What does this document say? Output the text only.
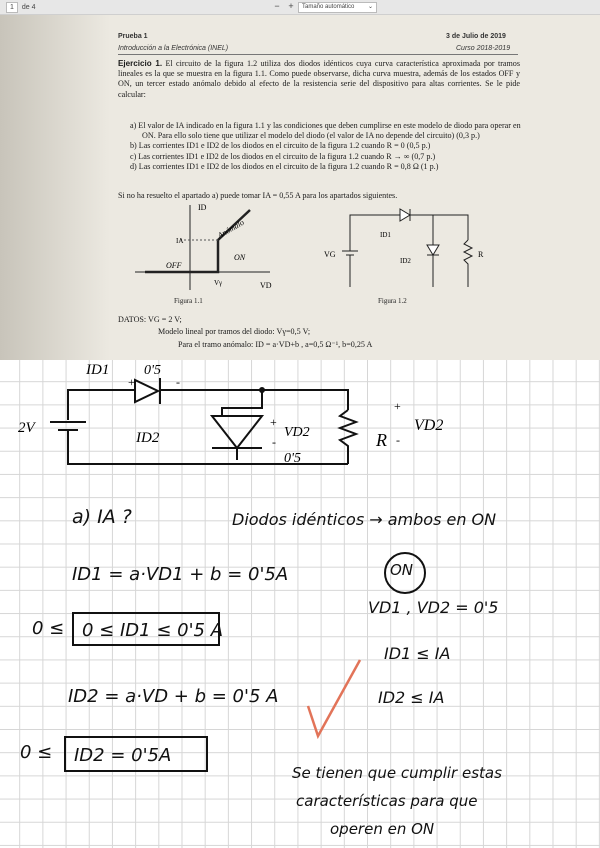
1	de 4	− +	Tamaño automático ⌄
Prueba 1	3 de Julio de 2019
Introducción a la Electrónica (INEL)	Curso 2018-2019
Ejercicio 1. El circuito de la figura 1.2 utiliza dos diodos idénticos cuya curva característica aproximada por tramos lineales es la que se muestra en la figura 1.1. Como puede observarse, dicha curva muestra, además de los estados OFF y ON, un tercer estado anómalo debido al efecto de la resistencia serie del dispositivo para altas corrientes. Se le pide calcular:
a) El valor de IA indicado en la figura 1.1 y las condiciones que deben cumplirse en este modelo de diodo para operar en ON. Para ello solo tiene que utilizar el modelo del diodo (el valor de IA no depende del circuito) (0,3 p.)
b) Las corrientes ID1 e ID2 de los diodos en el circuito de la figura 1.2 cuando R = 0 (0,5 p.)
c) Las corrientes ID1 e ID2 de los diodos en el circuito de la figura 1.2 cuando R → ∞ (0,7 p.)
d) Las corrientes ID1 e ID2 de los diodos en el circuito de la figura 1.2 cuando R = 0,8 Ω (1 p.)
Si no ha resuelto el apartado a) puede tomar IA = 0,55 A para los apartados siguientes.
ID
VD
IA
OFF
ON
Anómalo
Vγ
Figura 1.1
VG
ID1
ID2
R
Figura 1.2
DATOS: VG = 2 V;
Modelo lineal por tramos del diodo: Vγ=0,5 V;
Para el tramo anómalo: ID = a·VD+b , a=0,5 Ω⁻¹, b=0,25 A
ID1 0'5
+	-
2V
ID2
+
VD2
-
0'5
R
+
-
VD2
a) IA ?	Diodos idénticos → ambos en ON
ID1 = a·VD1 + b = 0'5A	ON
VD1 , VD2 = 0'5
0 ≤ 0 ≤ ID1 ≤ 0'5 A
ID1 ≤ IA
ID2 = a·VD + b = 0'5 A	ID2 ≤ IA
0 ≤	ID2 = 0'5A
Se tienen que cumplir estas
características para que
operen en ON
